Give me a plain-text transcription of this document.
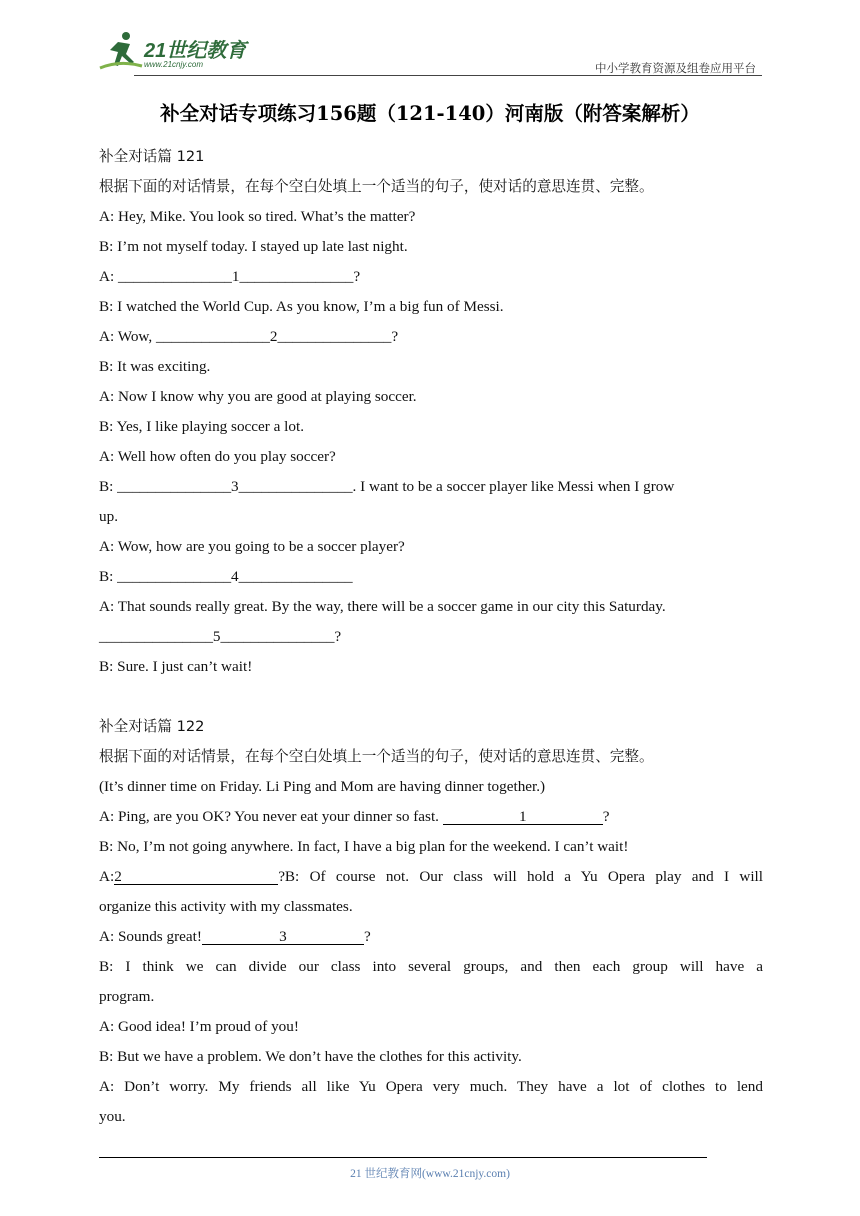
21世纪教育
www.21cnjy.com	中小学教育资源及组卷应用平台
补全对话专项练习156题（121-140）河南版（附答案解析）
补全对话篇 121
根据下面的对话情景，在每个空白处填上一个适当的句子，使对话的意思连贯、完整。
A: Hey, Mike. You look so tired. What’s the matter?
B: I’m not myself today. I stayed up late last night.
A: _______________1_______________?
B: I watched the World Cup. As you know, I’m a big fun of Messi.
A: Wow, _______________2_______________?
B: It was exciting.
A: Now I know why you are good at playing soccer.
B: Yes, I like playing soccer a lot.
A: Well how often do you play soccer?
B: _______________3_______________. I want to be a soccer player like Messi when I grow
up.
A: Wow, how are you going to be a soccer player?
B: _______________4_______________
A: That sounds really great. By the way, there will be a soccer game in our city this Saturday.
_______________5_______________?
B: Sure. I just can’t wait!
补全对话篇 122
根据下面的对话情景，在每个空白处填上一个适当的句子，使对话的意思连贯、完整。
(It’s dinner time on Friday. Li Ping and Mom are having dinner together.)
A: Ping, are you OK? You never eat your dinner so fast.	1	?
B: No, I’m not going anywhere. In fact, I have a big plan for the weekend. I can’t wait!
A:2	?B: Of course not. Our class will hold a Yu Opera play and I will
organize this activity with my classmates.
A: Sounds great!	3	?
B: I think we can divide our class into several groups, and then each group will have a
program.
A: Good idea! I’m proud of you!
B: But we have a problem. We don’t have the clothes for this activity.
A: Don’t worry. My friends all like Yu Opera very much. They have a lot of clothes to lend
you.
21 世纪教育网(www.21cnjy.com)
